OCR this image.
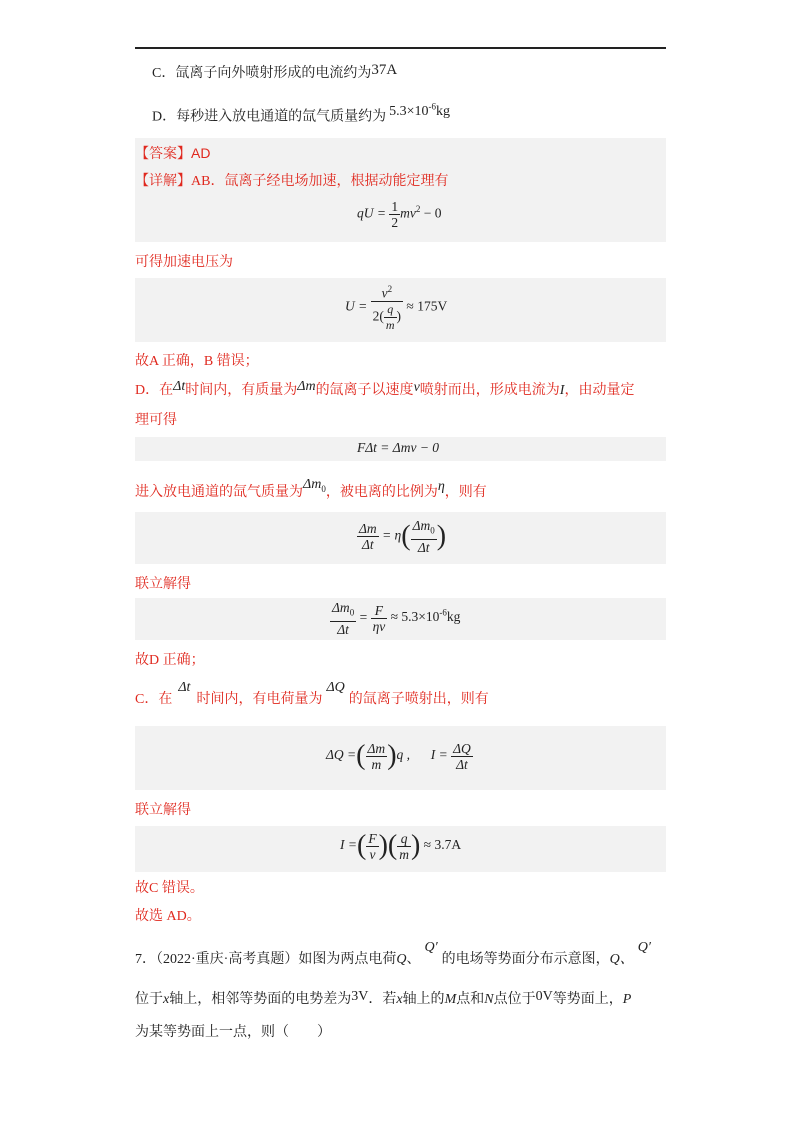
C．氙离子向外喷射形成的电流约为37A
D．每秒进入放电通道的氙气质量约为 $5.3\times 10^{-6}kg$
【答案】AD
【详解】AB．氙离子经电场加速，根据动能定理有
qU = $\frac{1}{2} mv^2 - 0$
可得加速电压为
$U = \frac{v^2}{2( \frac{q}{m} )} \approx 175V$
故A 正确，B 错误；
D．在Δt时间内，有质量为Δm的氙离子以速度v喷射而出，形成电流为I，由动量定
理可得
FΔt = Δmv − 0
进入放电通道的氙气质量为$\Delta m_0$，被电离的比例为η，则有
$\frac{\Delta m}{\Delta t} = \eta( \frac{\Delta m_0}{\Delta t}$ )
联立解得
$\frac{\Delta m_0}{\Delta t} = \frac{F}{\eta v} \approx 5.3\times 10^{-6}kg$
故D 正确；
C．在Δt时间内，有电荷量为ΔQ的氙离子喷射出，则有
ΔQ =( $\frac{\Delta m}{m} )q$ , $I = \frac{\Delta Q}{\Delta t}$
联立解得
I =( $\frac{F}{v}$ )( $\frac{q}{m}$ ) ≈ 3.7A
故C 错误。
故选 AD。
7．（2022·重庆·高考真题）如图为两点电荷Q、Q′的电场等势面分布示意图，Q、Q′
位于x轴上，相邻等势面的电势差为3V．若x轴上的M点和N点位于0V等势面上，P
为某等势面上一点，则（　　）
